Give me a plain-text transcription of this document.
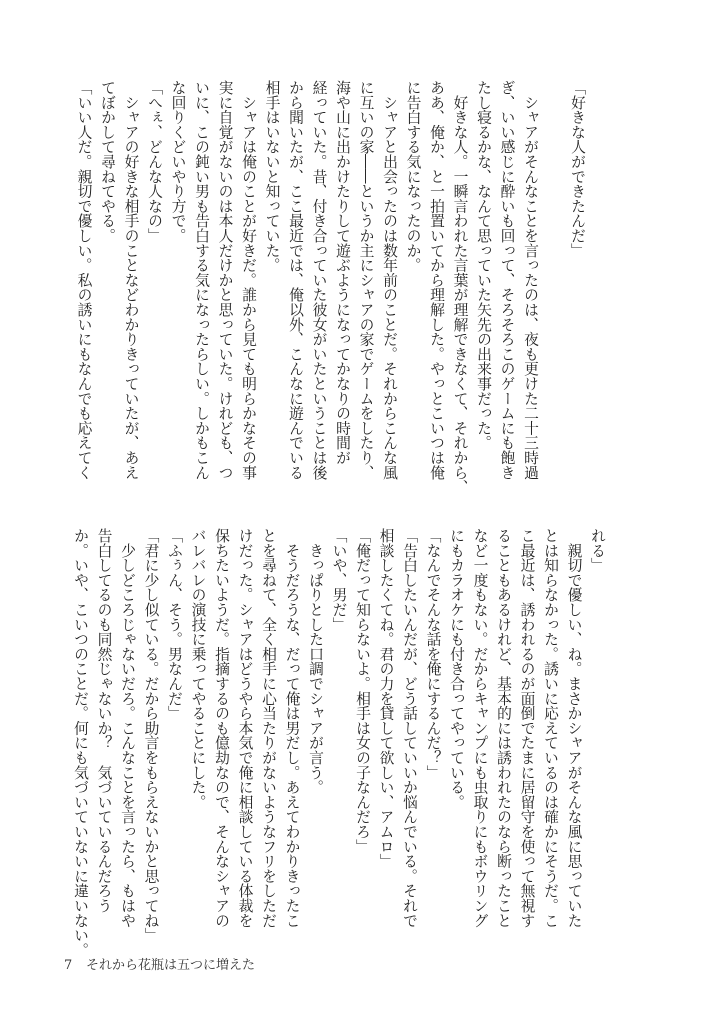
「好きな人ができたんだ」
　シャアがそんなことを言ったのは、夜も更けた二十三時過
ぎ、いい感じに酔いも回って、そろそろこのゲームにも飽き
たし寝るかな、なんて思っていた矢先の出来事だった。
　好きな人。一瞬言われた言葉が理解できなくて、それから、
ああ、俺か、と一拍置いてから理解した。やっとこいつは俺
に告白する気になったのか。
　シャアと出会ったのは数年前のことだ。それからこんな風
に互いの家――というか主にシャアの家でゲームをしたり、
海や山に出かけたりして遊ぶようになってかなりの時間が
経っていた。昔、付き合っていた彼女がいたということは後
から聞いたが、ここ最近では、俺以外、こんなに遊んでいる
相手はいないと知っていた。
　シャアは俺のことが好きだ。誰から見ても明らかなその事
実に自覚がないのは本人だけかと思っていた。けれども、つ
いに、この鈍い男も告白する気になったらしい。しかもこん
な回りくどいやり方で。
「へぇ、どんな人なの」
　シャアの好きな相手のことなどわかりきっていたが、あえ
てぼかして尋ねてやる。
「いい人だ。親切で優しい。私の誘いにもなんでも応えてく
れる」
　親切で優しい、ね。まさかシャアがそんな風に思っていた
とは知らなかった。誘いに応えているのは確かにそうだ。こ
こ最近は、誘われるのが面倒でたまに居留守を使って無視す
ることもあるけれど、基本的には誘われたのなら断ったこと
など一度もない。だからキャンプにも虫取りにもボウリング
にもカラオケにも付き合ってやっている。
「なんでそんな話を俺にするんだ？」
「告白したいんだが、どう話していいか悩んでいる。それで
相談したくてね。君の力を貸して欲しい、アムロ」
「俺だって知らないよ。相手は女の子なんだろ」
「いや、男だ」
　きっぱりとした口調でシャアが言う。
　そうだろうな、だって俺は男だし。あえてわかりきったこ
とを尋ねて、全く相手に心当たりがないようなフリをしただ
けだった。シャアはどうやら本気で俺に相談している体裁を
保ちたいようだ。指摘するのも億劫なので、そんなシャアの
バレバレの演技に乗ってやることにした。
「ふぅん、そう。男なんだ」
「君に少し似ている。だから助言をもらえないかと思ってね」
　少しどころじゃないだろ。こんなことを言ったら、もはや
告白してるのも同然じゃないか？　気づいているんだろう
か。いや、こいつのことだ。何にも気づいていないに違いない。
7 それから花瓶は五つに増えた
